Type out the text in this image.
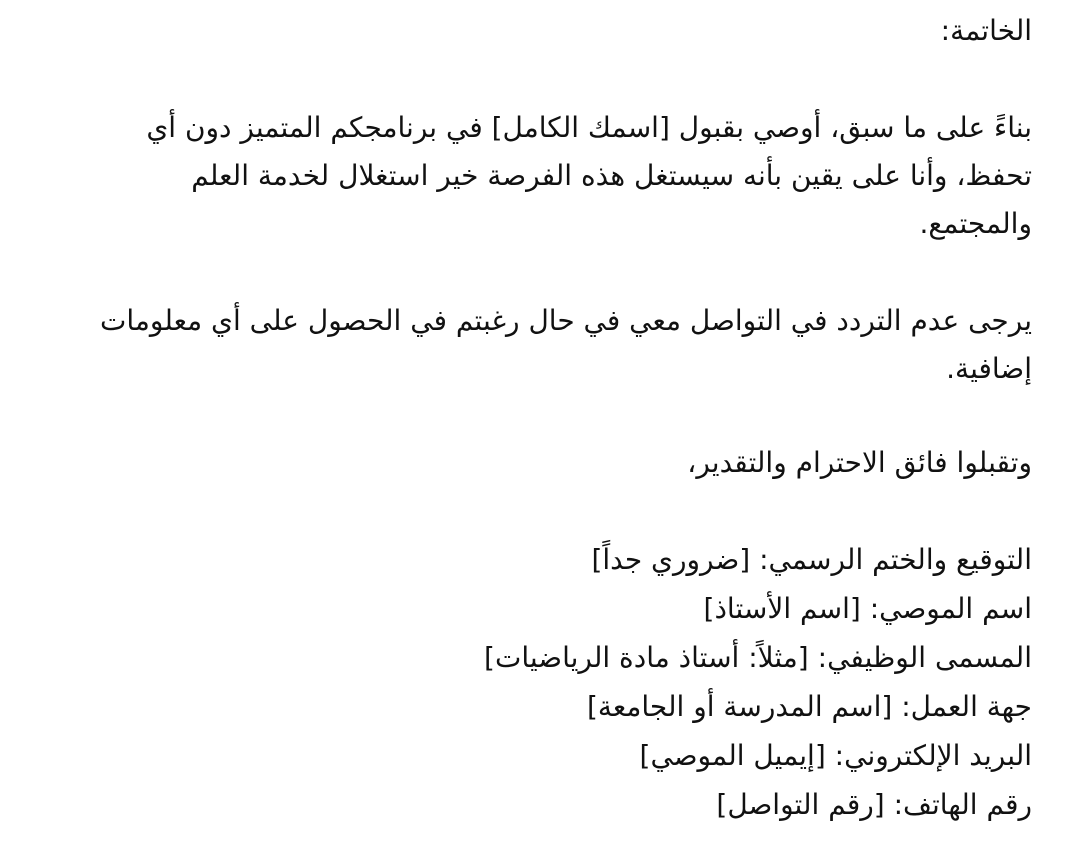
الخاتمة:

بناءً على ما سبق، أوصي بقبول [اسمك الكامل] في برنامجكم المتميز دون أي تحفظ، وأنا على يقين بأنه سيستغل هذه الفرصة خير استغلال لخدمة العلم والمجتمع.

يرجى عدم التردد في التواصل معي في حال رغبتم في الحصول على أي معلومات إضافية.

وتقبلوا فائق الاحترام والتقدير،

التوقيع والختم الرسمي: [ضروري جداً]
اسم الموصي: [اسم الأستاذ]
المسمى الوظيفي: [مثلاً: أستاذ مادة الرياضيات]
جهة العمل: [اسم المدرسة أو الجامعة]
البريد الإلكتروني: [إيميل الموصي]
رقم الهاتف: [رقم التواصل]
